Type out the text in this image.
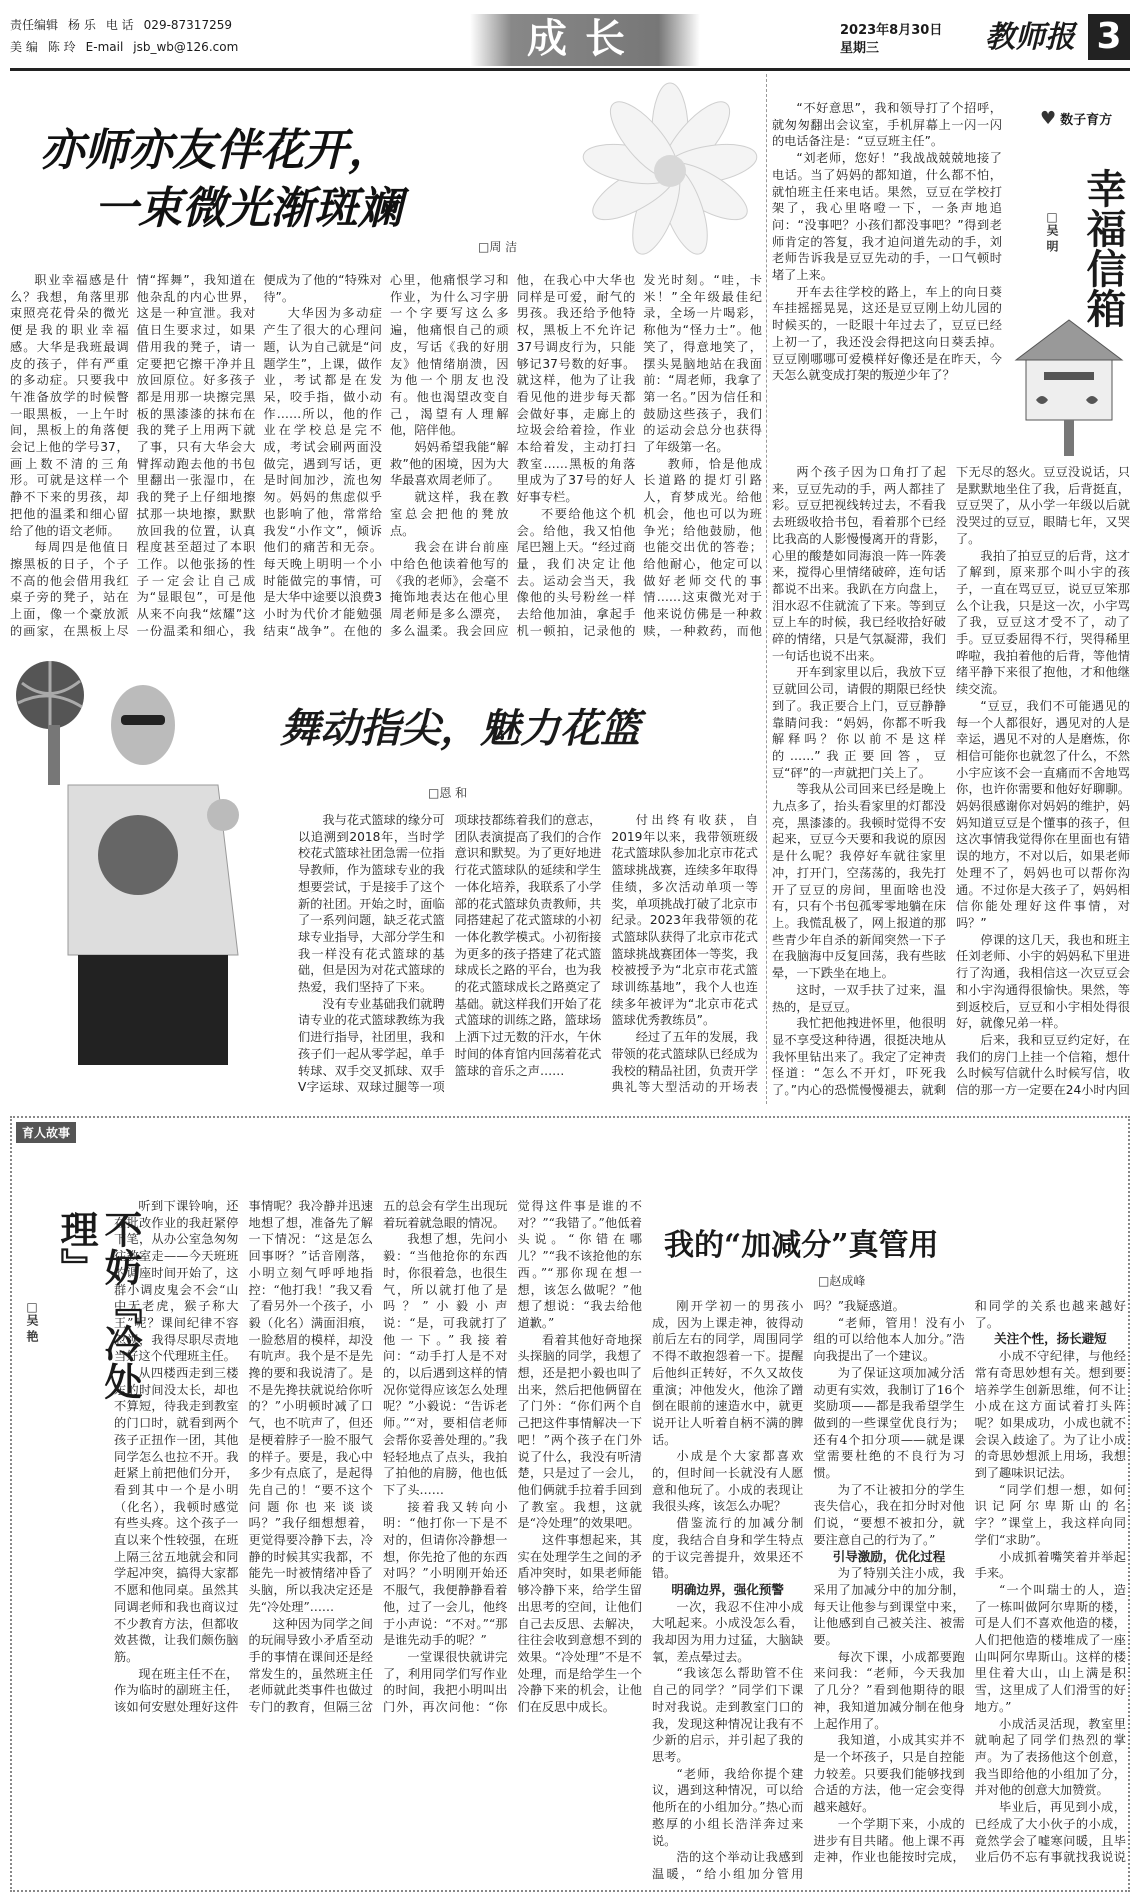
责任编辑 杨 乐 电 话 029-87317259
美 编 陈 玲 E-mail jsb_wb@126.com	成长	2023年8月30日
星期三	教师报 3
亦师亦友伴花开，
一束微光渐斑斓
□周 洁

职业幸福感是什么？我想，角落里那束照亮花骨朵的微光便是我的职业幸福感。大华是我班最调皮的孩子，伴有严重的多动症。只要我中午准备放学的时候瞥一眼黑板，一上午时间，黑板上的角落便会记上他的学号37，画上数不清的三角形。可就是这样一个静不下来的男孩，却把他的温柔和细心留给了他的语文老师。

每周四是他值日擦黑板的日子，个子不高的他会借用我红桌子旁的凳子，站在上面，像一个豪放派的画家，在黑板上尽情“挥舞”，我知道在他杂乱的内心世界，这是一种宣泄。我对值日生要求过，如果借用我的凳子，请一定要把它擦干净并且放回原位。好多孩子都是用那一块擦完黑板的黑漆漆的抹布在我的凳子上用两下就了事，只有大华会大臂挥动跑去他的书包里翻出一张湿巾，在我的凳子上仔细地擦拭那一块地擦，默默放回我的位置，认真程度甚至超过了本职工作。以他张扬的性子一定会让自己成为“显眼包”，可是他从来不向我“炫耀”这一份温柔和细心，我便成为了他的“特殊对待”。

大华因为多动症产生了很大的心理问题，认为自己就是“问题学生”，上课，做作业，考试都是在发呆，咬手指，做小动作……所以，他的作业在学校总是完不成，考试会刷两面没做完，遇到写话，更是时间加沙，流也匆匆。妈妈的焦虑似乎也影响了他，常常给我发“小作文”，倾诉他们的痛苦和无奈。每天晚上明明一个小时能做完的事情，可是大华中途要以浪费3小时为代价才能勉强结束“战争”。在他的心里，他痛恨学习和作业，为什么习字册一个字要写这么多遍，他痛恨自己的顽皮，写话《我的好朋友》他情绪崩溃，因为他一个朋友也没有。他也渴望改变自己，渴望有人理解他，陪伴他。

妈妈希望我能“解救”他的困境，因为大华最喜欢周老师了。

就这样，我在教室总会把他的凳放点。

我会在讲台前座中给色他读着他写的《我的老师》，会毫不掩饰地表达在他心里周老师是多么漂亮，多么温柔。我会回应他，在我心中大华也同样是可爱，耐气的男孩。我还给予他特权，黑板上不允许记37号调皮行为，只能够记37号数的好事。就这样，他为了让我看见他的进步每天都会做好事，走廊上的垃圾会给着捡，作业本给着发，主动打扫教室……黑板的角落里成为了37号的好人好事专栏。

不要给他这个机会。给他，我又怕他尾巴翘上天。“经过商量，我们决定让他去。运动会当天，我像他的头号粉丝一样去给他加油，拿起手机一顿拍，记录他的发光时刻。“哇，卡米！”全年级最佳纪录，全场一片喝彩，称他为“怪力士”。他笑了，得意地笑了，摆头晃脑地站在我面前：“周老师，我拿了第一名。”因为信任和鼓励这些孩子，我们的运动会总分也获得了年级第一名。

教师，恰是他成长道路的提灯引路人，育梦成光。给他机会，他也可以为班争光；给他鼓励，他也能交出优的答卷；给他耐心，他定可以做好老师交代的事情……这束微光对于他来说仿佛是一种救赎，一种救药，而他

舞动指尖，魅力花篮
□恩 和

我与花式篮球的缘分可以追溯到2018年，当时学校花式篮球社团急需一位指导教师，作为篮球专业的我想要尝试，于是接手了这个新的社团。开始之时，面临了一系列问题，缺乏花式篮球专业指导，大部分学生和我一样没有花式篮球的基础，但是因为对花式篮球的热爱，我们坚持了下来。

没有专业基础我们就聘请专业的花式篮球教练为我们进行指导，社团里，我和孩子们一起从零学起，单手转球、双手交叉抓球、双手V字运球、双球过腿等一项项球技都练着我们的意志，团队表演提高了我们的合作意识和默契。为了更好地进行花式篮球队的延续和学生一体化培养，我联系了小学部的花式篮球负责教师，共同搭建起了花式篮球的小初一体化教学模式。小初衔接为更多的孩子搭建了花式篮球成长之路的平台，也为我的花式篮球成长之路奠定了基础。就这样我们开始了花式篮球的训练之路，篮球场上洒下过无数的汗水，午休时间的体育馆内回荡着花式篮球的音乐之声……

付出终有收获，自2019年以来，我带领班级花式篮球队参加北京市花式篮球挑战赛，连续多年取得佳绩，多次活动单项一等奖，单项挑战打破了北京市纪录。2023年我带领的花式篮球队获得了北京市花式篮球挑战赛团体一等奖，我校被授予为“北京市花式篮球训练基地”，我个人也连续多年被评为“北京市花式篮球优秀教练员”。

经过了五年的发展，我带领的花式篮球队已经成为我校的精品社团，负责开学典礼等大型活动的开场表

“不好意思”，我和领导打了个招呼，就匆匆翻出会议室，手机屏幕上一闪一闪的电话备注是：“豆豆班主任”。

“刘老师，您好！”我战战兢兢地接了电话。当了妈妈的都知道，什么都不怕，就怕班主任来电话。果然，豆豆在学校打架了，我心里咯噔一下，一条声地追问：“没事吧？小孩们都没事吧？”得到老师肯定的答复，我才迫问道先动的手，刘老师告诉我是豆豆先动的手，一口气顿时堵了上来。

开车去往学校的路上，车上的向日葵车挂摇摇晃晃，这还是豆豆刚上幼儿园的时候买的，一眨眼十年过去了，豆豆已经上初一了，我还没会得把这向日葵丢掉。豆豆刚哪哪可爱模样好像还是在昨天，今天怎么就变成打架的叛逆少年了？

♥ 数子育方
幸福信箱
□吴 明

两个孩子因为口角打了起来，豆豆先动的手，两人都挂了彩。豆豆把视线转过去，不看我去班级收拾书包，看着那个已经比我高的人影慢慢离开的背影，心里的酸楚如同海浪一阵一阵袭来，搅得心里情绪破碎，连句话都说不出来。我趴在方向盘上，泪水忍不住就流了下来。等到豆豆上车的时候，我已经收拾好破碎的情绪，只是气氛凝滞，我们一句话也说不出来。

开车到家里以后，我放下豆豆就回公司，请假的期限已经快到了。我正要合上门，豆豆静静靠睛问我：“妈妈，你都不听我解释吗？你以前不是这样的……”我正要回答，豆豆“砰”的一声就把门关上了。

等我从公司回来已经是晚上九点多了，抬头看家里的灯都没亮，黑漆漆的。我顿时觉得不安起来，豆豆今天要和我说的原因是什么呢？我停好车就往家里冲，打开门，空荡荡的，我先打开了豆豆的房间，里面啥也没有，只有个书包孤零零地躺在床上。我慌乱极了，网上报道的那些青少年自杀的新闻突然一下子在我脑海中反复回荡，我有些眩晕，一下跌坐在地上。

这时，一双手扶了过来，温热的，是豆豆。

我忙把他拽进怀里，他很明显不享受这种待遇，很挺决地从我怀里钻出来了。我定了定神责怪道：“怎么不开灯，吓死我了。”内心的恐慌慢慢褪去，就剩下无尽的怒火。豆豆没说话，只是默默地坐住了我，后背挺直，豆豆哭了，从小学一年级以后就没哭过的豆豆，眼睛七年，又哭了。

我拍了拍豆豆的后背，这才了解到，原来那个叫小宇的孩子，一直在骂豆豆，说豆豆笨那么个让我，只是这一次，小宇骂了我，豆豆这才受不了，动了手。豆豆委屈得不行，哭得稀里哗啦，我拍着他的后背，等他情绪平静下来很了抱他，才和他继续交流。

“豆豆，我们不可能遇见的每一个人都很好，遇见对的人是幸运，遇见不对的人是磨炼，你相信可能你也就忽了什么，不然小宇应该不会一直痛而不舍地骂你，也许你需要和他好好聊聊。妈妈很感谢你对妈妈的维护，妈妈知道豆豆是个懂事的孩子，但这次事情我觉得你在里面也有错误的地方，不对以后，如果老师处理不了，妈妈也可以帮你沟通。不过你是大孩子了，妈妈相信你能处理好这件事情，对吗？”

停课的这几天，我也和班主任刘老师、小宇的妈妈私下里进行了沟通，我相信这一次豆豆会和小宇沟通得很愉快。果然，等到返校后，豆豆和小宇相处得很好，就像兄弟一样。

后来，我和豆豆约定好，在我们的房门上挂一个信箱，想什么时候写信就什么时候写信，收信的那一方一定要在24小时内回

育人故事
不妨『冷处理』
□吴 艳

听到下课铃响，还在批改作业的我赶紧停下笔，从办公室急匆匆往教室走——今天班班的调座时间开始了，这群小调皮鬼会不会“山中无老虎，猴子称大王”呢？课间纪律不容忽视，我得尽职尽责地当好这个代理班主任。

从四楼西走到三楼东的时间没太长，却也不算短，待我走到教室的门口时，就看到两个孩子正扭作一团，其他同学怎么也拉不开。我赶紧上前把他们分开，看到其中一个是小明（化名），我顿时感觉有些头疼。这个孩子一直以来个性较强，在班上隔三岔五地就会和同学起冲突，搞得大家都不愿和他同桌。虽然其同调老师和我也商议过不少教育方法，但都收效甚微，让我们颇伤脑筋。

现在班主任不在，作为临时的副班主任，该如何安慰处理好这件事情呢？我冷静并迅速地想了想，准备先了解一下情况：“这是怎么回事呀？”话音刚落，小明立刻气呼呼地指控：“他打我！”我又看了看另外一个孩子，小毅（化名）满面泪痕，一脸愁眉的模样，却没有吭声。我个是不是先搀的要和我说清了。是不是先搀扶就说给你听的？”小明顿时减了口气，也不吭声了，但还是梗着脖子一脸不服气的样子。要是，我心中多少有点底了，是起得先自己的！“要不这个问题你也来谈谈吗？”我仔细想想着，更觉得要冷静下去，冷静的时候其实我都，不能先一时被情绪冲昏了头脑，所以我决定还是先“冷处理”……

这种因为同学之间的玩闹导致小矛盾至动手的事情在课间还是经常发生的，虽然班主任老师就此类事件也做过专门的教育，但隔三岔五的总会有学生出现玩着玩着就急眼的情况。

我想了想，先问小毅：“当他抢你的东西时，你很着急，也很生气，所以就打他了是吗？”小毅小声说：“是，可我就打了他一下。”我接着问：“动手打人是不对的，以后遇到这样的情况你觉得应该怎么处理呢？”小毅说：“告诉老师。”“对，要相信老师会帮你妥善处理的。”我轻轻地点了点头，我拍了拍他的肩膀，他也低下了头……

接着我又转向小明：“他打你一下是不对的，但请你冷静想一想，你先抢了他的东西对吗？”小明刚开始还不服气，我便静静看着他，过了一会儿，他终于小声说：“不对。”“那是谁先动手的呢？”

一堂课很快就讲完了，利用同学们写作业的时间，我把小明叫出门外，再次问他：“你觉得这件事是谁的不对？”“我错了。”他低着头说。“你错在哪儿？”“我不该抢他的东西。”“那你现在想一想，该怎么做呢？”他想了想说：“我去给他道歉。”

看着其他好奇地探头探脑的同学，我想了想，还是把小毅也叫了出来，然后把他俩留在了门外：“你们两个自己把这件事情解决一下吧！”两个孩子在门外说了什么，我没有听清楚，只是过了一会儿，他们俩就手拉着手回到了教室。我想，这就是“冷处理”的效果吧。

这件事想起来，其实在处理学生之间的矛盾冲突时，如果老师能够冷静下来，给学生留出思考的空间，让他们自己去反思、去解决，往往会收到意想不到的效果。“冷处理”不是不处理，而是给学生一个冷静下来的机会，让他们在反思中成长。

我的“加减分”真管用
□赵成峰

刚开学初一的男孩小成，因为上课走神，彼得动前后左右的同学，周围同学不得不敢抱怨着一下。提醒后他纠正转好，不久又故伎重演；冲他发火，他涂了蹭倒在眼前的速造水中，就更说开让人听着自柄不满的脾话。

小成是个大家都喜欢的，但时间一长就没有人愿意和他玩了。小成的表现让我很头疼，该怎么办呢？

借鉴流行的加减分制度，我结合自身和学生特点的于议完善提升，效果还不错。

明确边界，强化预警

一次，我忍不住冲小成大吼起来。小成没怎么看，我却因为用力过猛，大脑缺氧，差点晕过去。

“我该怎么帮助管不住自己的同学？”同学们下课时对我说。走到教室门口的我，发现这种情况让我有不少新的启示，并引起了我的思考。

“老师，我给你提个建议，遇到这种情况，可以给他所在的小组加分。”热心而憨厚的小组长浩洋奔过来说。

浩的这个举动让我感到温暖，“给小组加分管用吗？”我疑惑道。

“老师，管用！没有小组的可以给他本人加分。”浩向我提出了一个建议。

为了保证这项加减分活动更有实效，我制订了16个奖励项——都是我希望学生做到的一些课堂优良行为；还有4个扣分项——就是课堂需要杜绝的不良行为习惯。

为了不让被扣分的学生丧失信心，我在扣分时对他们说，“要想不被扣分，就要注意自己的行为了。”

引导激励，优化过程

为了特别关注小成，我采用了加减分中的加分制，每天让他参与到课堂中来，让他感到自己被关注、被需要。

每次下课，小成都要跑来问我：“老师，今天我加了几分？”看到他期待的眼神，我知道加减分制在他身上起作用了。

我知道，小成其实并不是一个坏孩子，只是自控能力较差。只要我们能够找到合适的方法，他一定会变得越来越好。

一个学期下来，小成的进步有目共睹。他上课不再走神，作业也能按时完成，和同学的关系也越来越好了。

关注个性，扬长避短

小成不守纪律，与他经常有奇思妙想有关。想到要培养学生创新思维，何不让小成在这方面试着打头阵呢？如果成功，小成也就不会误入歧途了。为了让小成的奇思妙想派上用场，我想到了趣味识记法。

“同学们想一想，如何识记阿尔卑斯山的名字？”课堂上，我这样向同学们“求助”。

小成抓着嘴笑着并举起手来。

“一个叫瑞士的人，造了一栋叫做阿尔卑斯的楼，可是人们不喜欢他造的楼，人们把他造的楼堆成了一座山叫阿尔卑斯山。这样的楼里住着大山，山上满是积雪，这里成了人们滑雪的好地方。”

小成活灵活现，教室里就响起了同学们热烈的掌声。为了表扬他这个创意，我当即给他的小组加了分，并对他的创意大加赞赏。

毕业后，再见到小成，已经成了大小伙子的小成，竟然学会了嘘寒问暖，且毕业后仍不忘有事就找我说说
